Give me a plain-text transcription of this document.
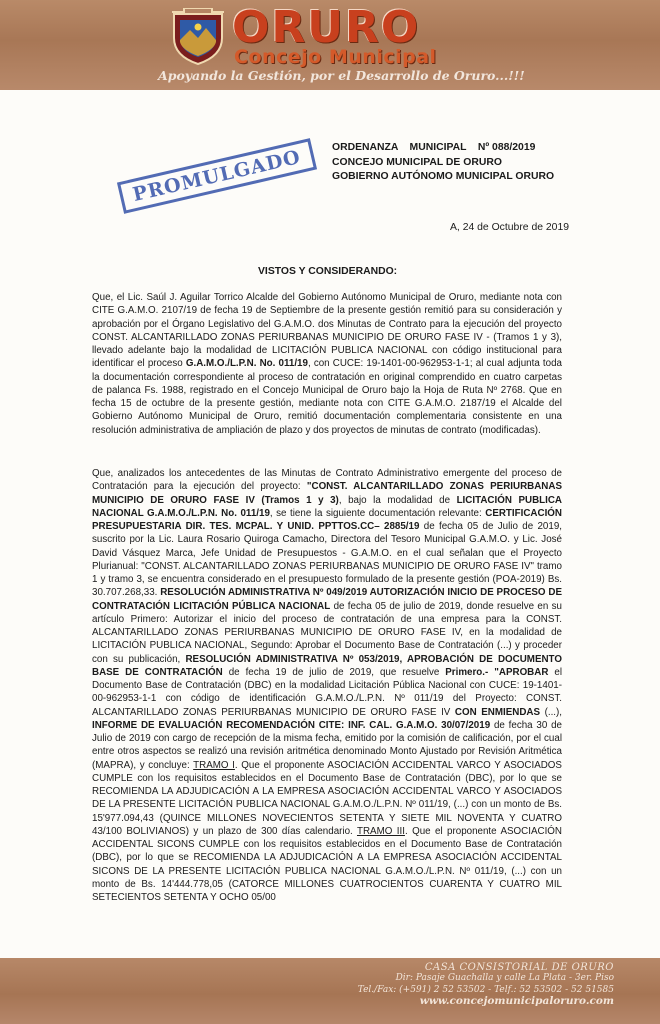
ORURO
Concejo Municipal
Apoyando la Gestión, por el Desarrollo de Oruro...!!!
ORDENANZA    MUNICIPAL    Nº 088/2019
CONCEJO MUNICIPAL DE ORURO
GOBIERNO AUTÓNOMO MUNICIPAL ORURO
PROMULGADO
A, 24 de Octubre de 2019
VISTOS Y CONSIDERANDO:
Que, el Lic. Saúl J. Aguilar Torrico Alcalde del Gobierno Autónomo Municipal de Oruro, mediante nota con CITE G.A.M.O. 2107/19 de fecha 19 de Septiembre de la presente gestión remitió para su consideración y aprobación por el Órgano Legislativo del G.A.M.O. dos Minutas de Contrato para la ejecución del proyecto CONST. ALCANTARILLADO ZONAS PERIURBANAS MUNICIPIO DE ORURO FASE IV - (Tramos 1 y 3), llevado adelante bajo la modalidad de LICITACIÓN PUBLICA NACIONAL con código institucional para identificar el proceso G.A.M.O./L.P.N. No. 011/19, con CUCE: 19-1401-00-962953-1-1; al cual adjunta toda la documentación correspondiente al proceso de contratación en original comprendido en cuatro carpetas de palanca Fs. 1988, registrado en el Concejo Municipal de Oruro bajo la Hoja de Ruta Nº 2768. Que en fecha 15 de octubre de la presente gestión, mediante nota con CITE G.A.M.O. 2187/19 el Alcalde del Gobierno Autónomo Municipal de Oruro, remitió documentación complementaria consistente en una resolución administrativa de ampliación de plazo y dos proyectos de minutas de contrato (modificadas).
Que, analizados los antecedentes de las Minutas de Contrato Administrativo emergente del proceso de Contratación para la ejecución del proyecto: "CONST. ALCANTARILLADO ZONAS PERIURBANAS MUNICIPIO DE ORURO FASE IV (Tramos 1 y 3), bajo la modalidad de LICITACIÓN PUBLICA NACIONAL G.A.M.O./L.P.N. No. 011/19, se tiene la siguiente documentación relevante: CERTIFICACIÓN PRESUPUESTARIA DIR. TES. MCPAL. Y UNID. PPTTOS.CC– 2885/19 de fecha 05 de Julio de 2019, suscrito por la Lic. Laura Rosario Quiroga Camacho, Directora del Tesoro Municipal G.A.M.O. y Lic. José David Vásquez Marca, Jefe Unidad de Presupuestos - G.A.M.O. en el cual señalan que el Proyecto Plurianual: "CONST. ALCANTARILLADO ZONAS PERIURBANAS MUNICIPIO DE ORURO FASE IV" tramo 1 y tramo 3, se encuentra considerado en el presupuesto formulado de la presente gestión (POA-2019) Bs. 30.707.268,33. RESOLUCIÓN ADMINISTRATIVA Nº 049/2019 AUTORIZACIÓN INICIO DE PROCESO DE CONTRATACIÓN LICITACIÓN PÚBLICA NACIONAL de fecha 05 de julio de 2019, donde resuelve en su artículo Primero: Autorizar el inicio del proceso de contratación de una empresa para la CONST. ALCANTARILLADO ZONAS PERIURBANAS MUNICIPIO DE ORURO FASE IV, en la modalidad de LICITACIÓN PUBLICA NACIONAL, Segundo: Aprobar el Documento Base de Contratación (...) y proceder con su publicación, RESOLUCIÓN ADMINISTRATIVA Nº 053/2019, APROBACIÓN DE DOCUMENTO BASE DE CONTRATACIÓN de fecha 19 de julio de 2019, que resuelve Primero.- "APROBAR el Documento Base de Contratación (DBC) en la modalidad Licitación Pública Nacional con CUCE: 19-1401-00-962953-1-1 con código de identificación G.A.M.O./L.P.N. Nº 011/19 del Proyecto: CONST. ALCANTARILLADO ZONAS PERIURBANAS MUNICIPIO DE ORURO FASE IV CON ENMIENDAS (...), INFORME DE EVALUACIÓN RECOMENDACIÓN CITE: INF. CAL. G.A.M.O. 30/07/2019 de fecha 30 de Julio de 2019 con cargo de recepción de la misma fecha, emitido por la comisión de calificación, por el cual entre otros aspectos se realizó una revisión aritmética denominado Monto Ajustado por Revisión Aritmética (MAPRA), y concluye: TRAMO I. Que el proponente ASOCIACIÓN ACCIDENTAL VARCO Y ASOCIADOS CUMPLE con los requisitos establecidos en el Documento Base de Contratación (DBC), por lo que se RECOMIENDA LA ADJUDICACIÓN A LA EMPRESA ASOCIACIÓN ACCIDENTAL VARCO Y ASOCIADOS DE LA PRESENTE LICITACIÓN PUBLICA NACIONAL G.A.M.O./L.P.N. Nº 011/19, (...) con un monto de Bs. 15'977.094,43 (QUINCE MILLONES NOVECIENTOS SETENTA Y SIETE MIL NOVENTA Y CUATRO 43/100 BOLIVIANOS) y un plazo de 300 días calendario. TRAMO III. Que el proponente ASOCIACIÓN ACCIDENTAL SICONS CUMPLE con los requisitos establecidos en el Documento Base de Contratación (DBC), por lo que se RECOMIENDA LA ADJUDICACIÓN A LA EMPRESA ASOCIACIÓN ACCIDENTAL SICONS DE LA PRESENTE LICITACIÓN PUBLICA NACIONAL G.A.M.O./L.P.N. Nº 011/19, (...) con un monto de Bs. 14'444.778,05 (CATORCE MILLONES CUATROCIENTOS CUARENTA Y CUATRO MIL SETECIENTOS SETENTA Y OCHO 05/00
CASA CONSISTORIAL DE ORURO
Dir: Pasaje Guachalla y calle La Plata - 3er. Piso
Tel./Fax: (+591) 2 52 53502 - Telf.: 52 53502 - 52 51585
www.concejomunicipaloruro.com
